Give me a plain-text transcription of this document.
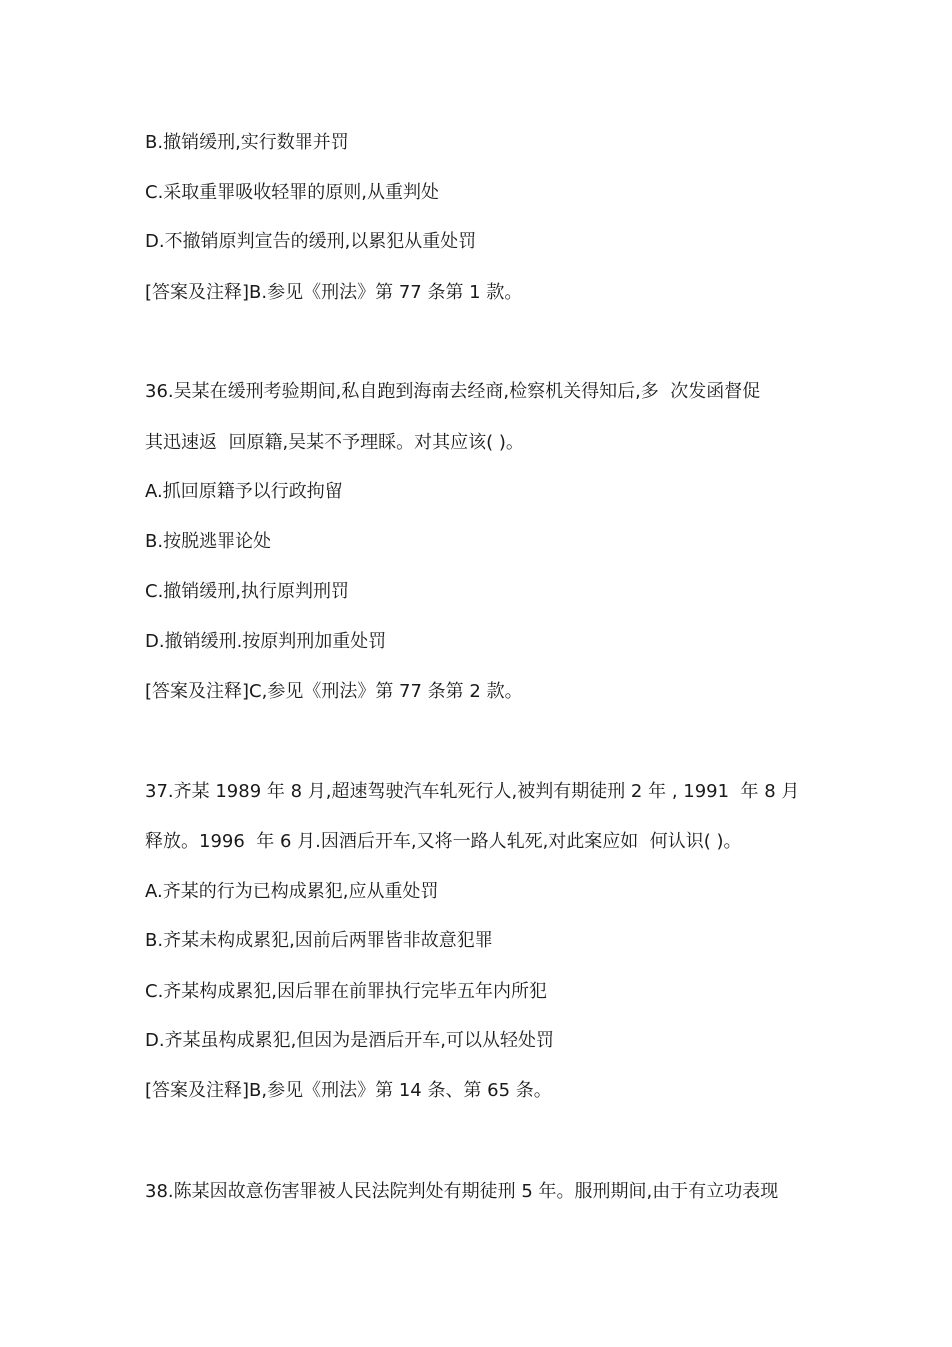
B.撤销缓刑,实行数罪并罚
C.采取重罪吸收轻罪的原则,从重判处
D.不撤销原判宣告的缓刑,以累犯从重处罚
[答案及注释]B.参见《刑法》第 77 条第 1 款。
36.吴某在缓刑考验期间,私自跑到海南去经商,检察机关得知后,多  次发函督促
其迅速返  回原籍,吴某不予理睬。对其应该( )。
A.抓回原籍予以行政拘留
B.按脱逃罪论处
C.撤销缓刑,执行原判刑罚
D.撤销缓刑.按原判刑加重处罚
[答案及注释]C,参见《刑法》第 77 条第 2 款。
37.齐某 1989 年 8 月,超速驾驶汽车轧死行人,被判有期徒刑 2 年 , 1991  年 8 月
释放。1996  年 6 月.因酒后开车,又将一路人轧死,对此案应如  何认识( )。
A.齐某的行为已构成累犯,应从重处罚
B.齐某未构成累犯,因前后两罪皆非故意犯罪
C.齐某构成累犯,因后罪在前罪执行完毕五年内所犯
D.齐某虽构成累犯,但因为是酒后开车,可以从轻处罚
[答案及注释]B,参见《刑法》第 14 条、第 65 条。
38.陈某因故意伤害罪被人民法院判处有期徒刑 5 年。服刑期间,由于有立功表现
